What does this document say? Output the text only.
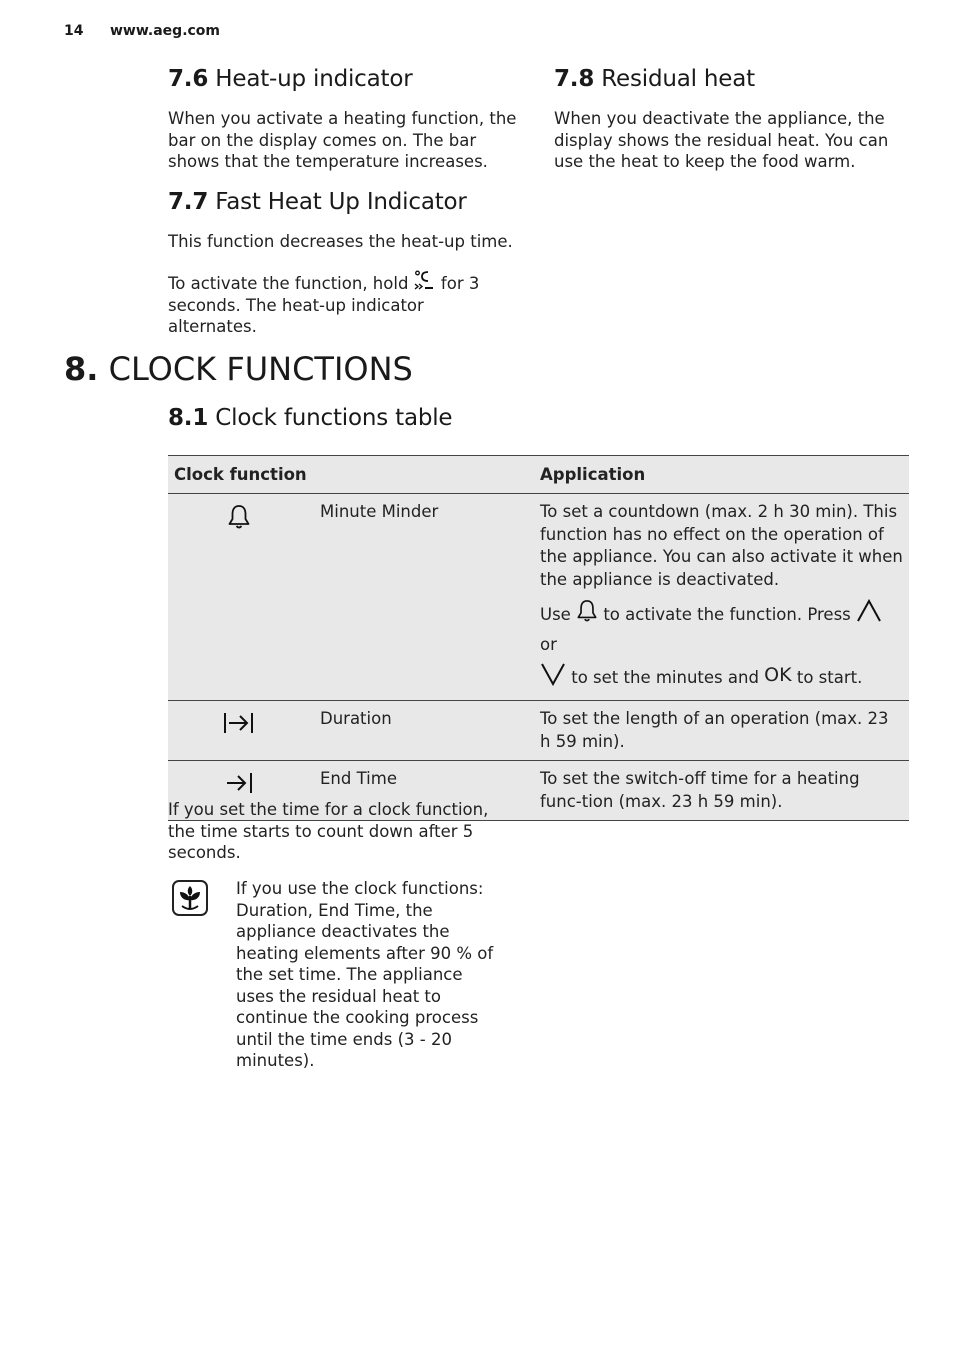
14 www.aeg.com
7.6 Heat-up indicator

When you activate a heating function, the bar on the display comes on. The bar shows that the temperature increases.

7.7 Fast Heat Up Indicator

This function decreases the heat-up time.

To activate the function, hold for 3 seconds. The heat-up indicator alternates.

7.8 Residual heat

When you deactivate the appliance, the display shows the residual heat. You can use the heat to keep the food warm.

8. CLOCK FUNCTIONS
8.1 Clock functions table
Clock function		Application
	Minute Minder	To set a countdown (max. 2 h 30 min). This function has no effect on the operation of the appliance. You can also activate it when the appliance is deactivated.
Use to activate the function. Press  or
to set the minutes and OK to start.

	Duration	To set the length of an operation (max. 23 h 59 min).
	End Time	To set the switch-off time for a heating func-tion (max. 23 h 59 min).

If you set the time for a clock function, the time starts to count down after 5 seconds.

If you use the clock functions: Duration, End Time, the appliance deactivates the heating elements after 90 % of the set time. The appliance uses the residual heat to continue the cooking process until the time ends (3 - 20 minutes).
